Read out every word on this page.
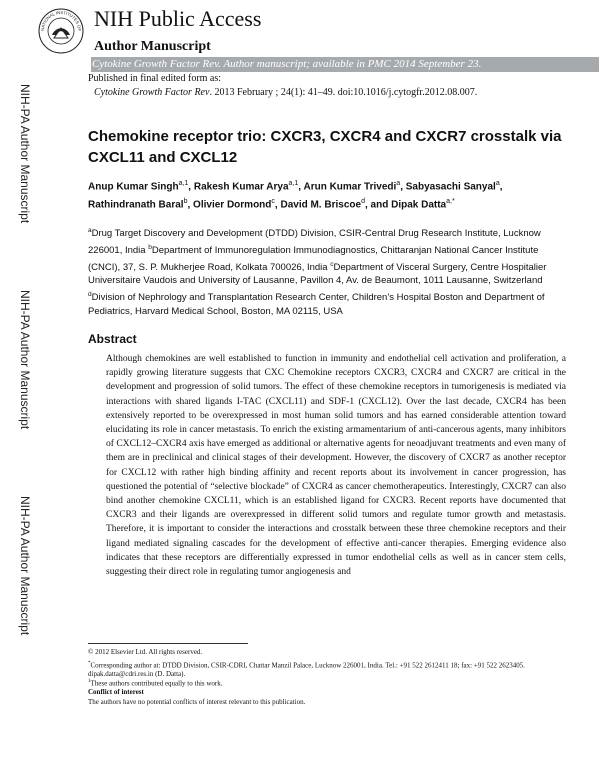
NATIONAL INSTITUTES OF NIH Public Access
Author Manuscript
Cytokine Growth Factor Rev. Author manuscript; available in PMC 2014 September 23.
Published in final edited form as:
Cytokine Growth Factor Rev. 2013 February ; 24(1): 41–49. doi:10.1016/j.cytogfr.2012.08.007.
NIH-PA Author Manuscript
NIH-PA Author Manuscript
NIH-PA Author Manuscript
Chemokine receptor trio: CXCR3, CXCR4 and CXCR7 crosstalk via CXCL11 and CXCL12
Anup Kumar Singh$^{a,1}$, Rakesh Kumar Arya$^{a,1}$, Arun Kumar Trivedi$^a$, Sabyasachi Sanyal$^a$, Rathindranath Baral$^b$, Olivier Dormond$^c$, David M. Briscoe$^d$, and Dipak Datta$^{a,*}$
$^a$Drug Target Discovery and Development (DTDD) Division, CSIR-Central Drug Research Institute, Lucknow 226001, India $^b$Department of Immunoregulation Immunodiagnostics, Chittaranjan National Cancer Institute (CNCI), 37, S. P. Mukherjee Road, Kolkata 700026, India $^c$Department of Visceral Surgery, Centre Hospitalier Universitaire Vaudois and University of Lausanne, Pavillon 4, Av. de Beaumont, 1011 Lausanne, Switzerland $^d$Division of Nephrology and Transplantation Research Center, Children’s Hospital Boston and Department of Pediatrics, Harvard Medical School, Boston, MA 02115, USA
Abstract

Although chemokines are well established to function in immunity and endothelial cell activation and proliferation, a rapidly growing literature suggests that CXC Chemokine receptors CXCR3, CXCR4 and CXCR7 are critical in the development and progression of solid tumors. The effect of these chemokine receptors in tumorigenesis is mediated via interactions with shared ligands I-TAC (CXCL11) and SDF-1 (CXCL12). Over the last decade, CXCR4 has been extensively reported to be overexpressed in most human solid tumors and has earned considerable attention toward elucidating its role in cancer metastasis. To enrich the existing armamentarium of anti-cancerous agents, many inhibitors of CXCL12–CXCR4 axis have emerged as additional or alternative agents for neoadjuvant treatments and even many of them are in preclinical and clinical stages of their development. However, the discovery of CXCR7 as another receptor for CXCL12 with rather high binding affinity and recent reports about its involvement in cancer progression, has questioned the potential of “selective blockade” of CXCR4 as cancer chemotherapeutics. Interestingly, CXCR7 can also bind another chemokine CXCL11, which is an established ligand for CXCR3. Recent reports have documented that CXCR3 and their ligands are overexpressed in different solid tumors and regulate tumor growth and metastasis. Therefore, it is important to consider the interactions and crosstalk between these three chemokine receptors and their ligand mediated signaling cascades for the development of effective anti-cancer therapies. Emerging evidence also indicates that these receptors are differentially expressed in tumor endothelial cells as well as in cancer stem cells, suggesting their direct role in regulating tumor angiogenesis and

© 2012 Elsevier Ltd. All rights reserved.
*Corresponding author at: DTDD Division, CSIR-CDRI, Chattar Manzil Palace, Lucknow 226001, India. Tel.: +91 522 2612411 18; fax: +91 522 2623405. dipak.datta@cdri.res.in (D. Datta).
$^1$These authors contributed equally to this work.
Conflict of interest
The authors have no potential conflicts of interest relevant to this publication.
